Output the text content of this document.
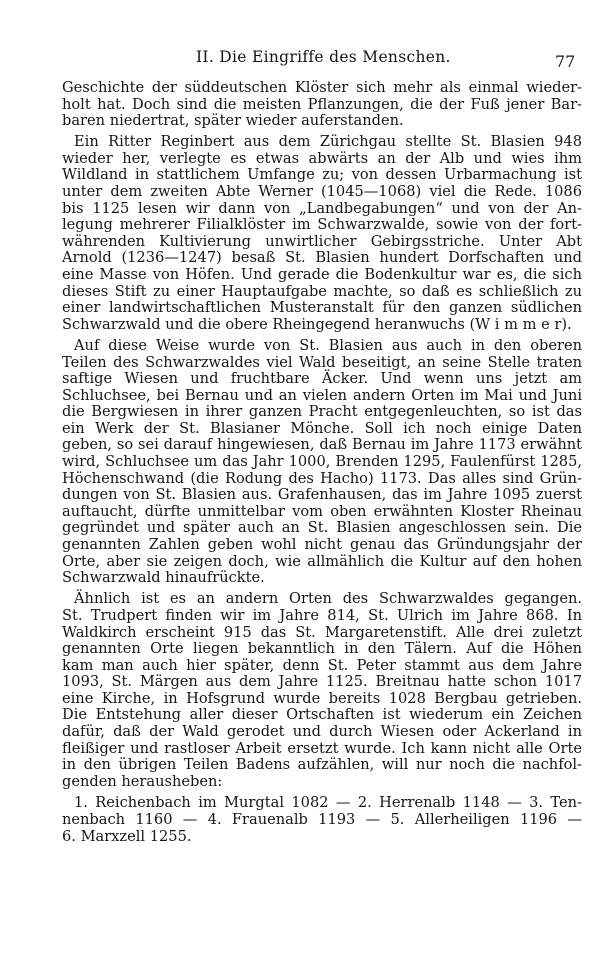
II. Die Eingriffe des Menschen.	77
Geschichte der süddeutschen Klöster sich mehr als einmal wieder-
holt hat. Doch sind die meisten Pflanzungen, die der Fuß jener Bar-
baren niedertrat, später wieder auferstanden.
Ein Ritter Reginbert aus dem Zürichgau stellte St. Blasien 948
wieder her, verlegte es etwas abwärts an der Alb und wies ihm
Wildland in stattlichem Umfange zu; von dessen Urbarmachung ist
unter dem zweiten Abte Werner (1045—1068) viel die Rede. 1086
bis 1125 lesen wir dann von „Landbegabungen“ und von der An-
legung mehrerer Filialklöster im Schwarzwalde, sowie von der fort-
währenden Kultivierung unwirtlicher Gebirgsstriche. Unter Abt
Arnold (1236—1247) besaß St. Blasien hundert Dorfschaften und
eine Masse von Höfen. Und gerade die Bodenkultur war es, die sich
dieses Stift zu einer Hauptaufgabe machte, so daß es schließlich zu
einer landwirtschaftlichen Musteranstalt für den ganzen südlichen
Schwarzwald und die obere Rheingegend heranwuchs (W i m m e r).
Auf diese Weise wurde von St. Blasien aus auch in den oberen
Teilen des Schwarzwaldes viel Wald beseitigt, an seine Stelle traten
saftige Wiesen und fruchtbare Äcker. Und wenn uns jetzt am
Schluchsee, bei Bernau und an vielen andern Orten im Mai und Juni
die Bergwiesen in ihrer ganzen Pracht entgegenleuchten, so ist das
ein Werk der St. Blasianer Mönche. Soll ich noch einige Daten
geben, so sei darauf hingewiesen, daß Bernau im Jahre 1173 erwähnt
wird, Schluchsee um das Jahr 1000, Brenden 1295, Faulenfürst 1285,
Höchenschwand (die Rodung des Hacho) 1173. Das alles sind Grün-
dungen von St. Blasien aus. Grafenhausen, das im Jahre 1095 zuerst
auftaucht, dürfte unmittelbar vom oben erwähnten Kloster Rheinau
gegründet und später auch an St. Blasien angeschlossen sein. Die
genannten Zahlen geben wohl nicht genau das Gründungsjahr der
Orte, aber sie zeigen doch, wie allmählich die Kultur auf den hohen
Schwarzwald hinaufrückte.
Ähnlich ist es an andern Orten des Schwarzwaldes gegangen.
St. Trudpert finden wir im Jahre 814, St. Ulrich im Jahre 868. In
Waldkirch erscheint 915 das St. Margaretenstift. Alle drei zuletzt
genannten Orte liegen bekanntlich in den Tälern. Auf die Höhen
kam man auch hier später, denn St. Peter stammt aus dem Jahre
1093, St. Märgen aus dem Jahre 1125. Breitnau hatte schon 1017
eine Kirche, in Hofsgrund wurde bereits 1028 Bergbau getrieben.
Die Entstehung aller dieser Ortschaften ist wiederum ein Zeichen
dafür, daß der Wald gerodet und durch Wiesen oder Ackerland in
fleißiger und rastloser Arbeit ersetzt wurde. Ich kann nicht alle Orte
in den übrigen Teilen Badens aufzählen, will nur noch die nachfol-
genden herausheben:
1. Reichenbach im Murgtal 1082 — 2. Herrenalb 1148 — 3. Ten-
nenbach 1160 — 4. Frauenalb 1193 — 5. Allerheiligen 1196 —
6. Marxzell 1255.
